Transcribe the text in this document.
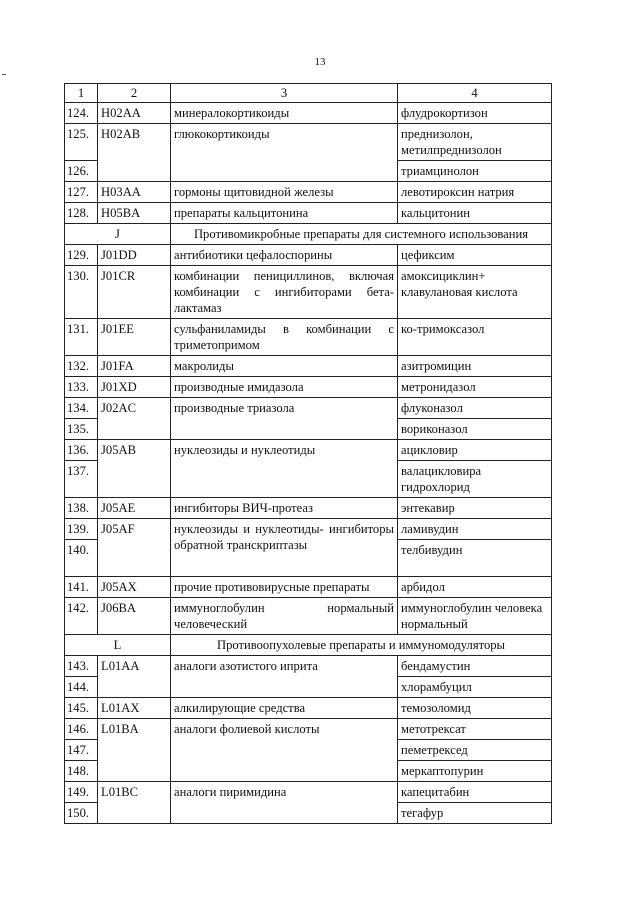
13
1	2	3	4
124.	H02AA	минералокортикоиды	флудрокортизон
125.	H02AB	глюкокортикоиды	преднизолон, метилпреднизолон
126.			триамцинолон
127.	H03AA	гормоны щитовидной железы	левотироксин натрия
128.	H05BA	препараты кальцитонина	кальцитонин
J		Противомикробные препараты для системного использования	
129.	J01DD	антибиотики цефалоспорины	цефиксим
130.	J01CR	комбинации пенициллинов, включая комбинации с ингибиторами бета-лактамаз	амоксициклин+ клавулановая кислота
131.	J01EE	сульфаниламиды в комбинации с триметопримом	ко-тримоксазол
132.	J01FA	макролиды	азитромицин
133.	J01XD	производные имидазола	метронидазол
134.	J02AC	производные триазола	флуконазол
135.			вориконазол
136.	J05AB	нуклеозиды и нуклеотиды	ацикловир
137.			валацикловира гидрохлорид
138.	J05AE	ингибиторы ВИЧ-протеаз	энтекавир
139.	J05AF	нуклеозиды и нуклеотиды- ингибиторы обратной транскриптазы	ламивудин
140.			телбивудин
141.	J05AX	прочие противовирусные препараты	арбидол
142.	J06BA	иммуноглобулин нормальный человеческий	иммуноглобулин человека нормальный
L		Противоопухолевые препараты и иммуномодуляторы	
143.	L01AA	аналоги азотистого иприта	бендамустин
144.			хлорамбуцил
145.	L01AX	алкилирующие средства	темозоломид
146.	L01BA	аналоги фолиевой кислоты	метотрексат
147.			пеметрексед
148.			меркаптопурин
149.	L01BC	аналоги пиримидина	капецитабин
150.			тегафур
